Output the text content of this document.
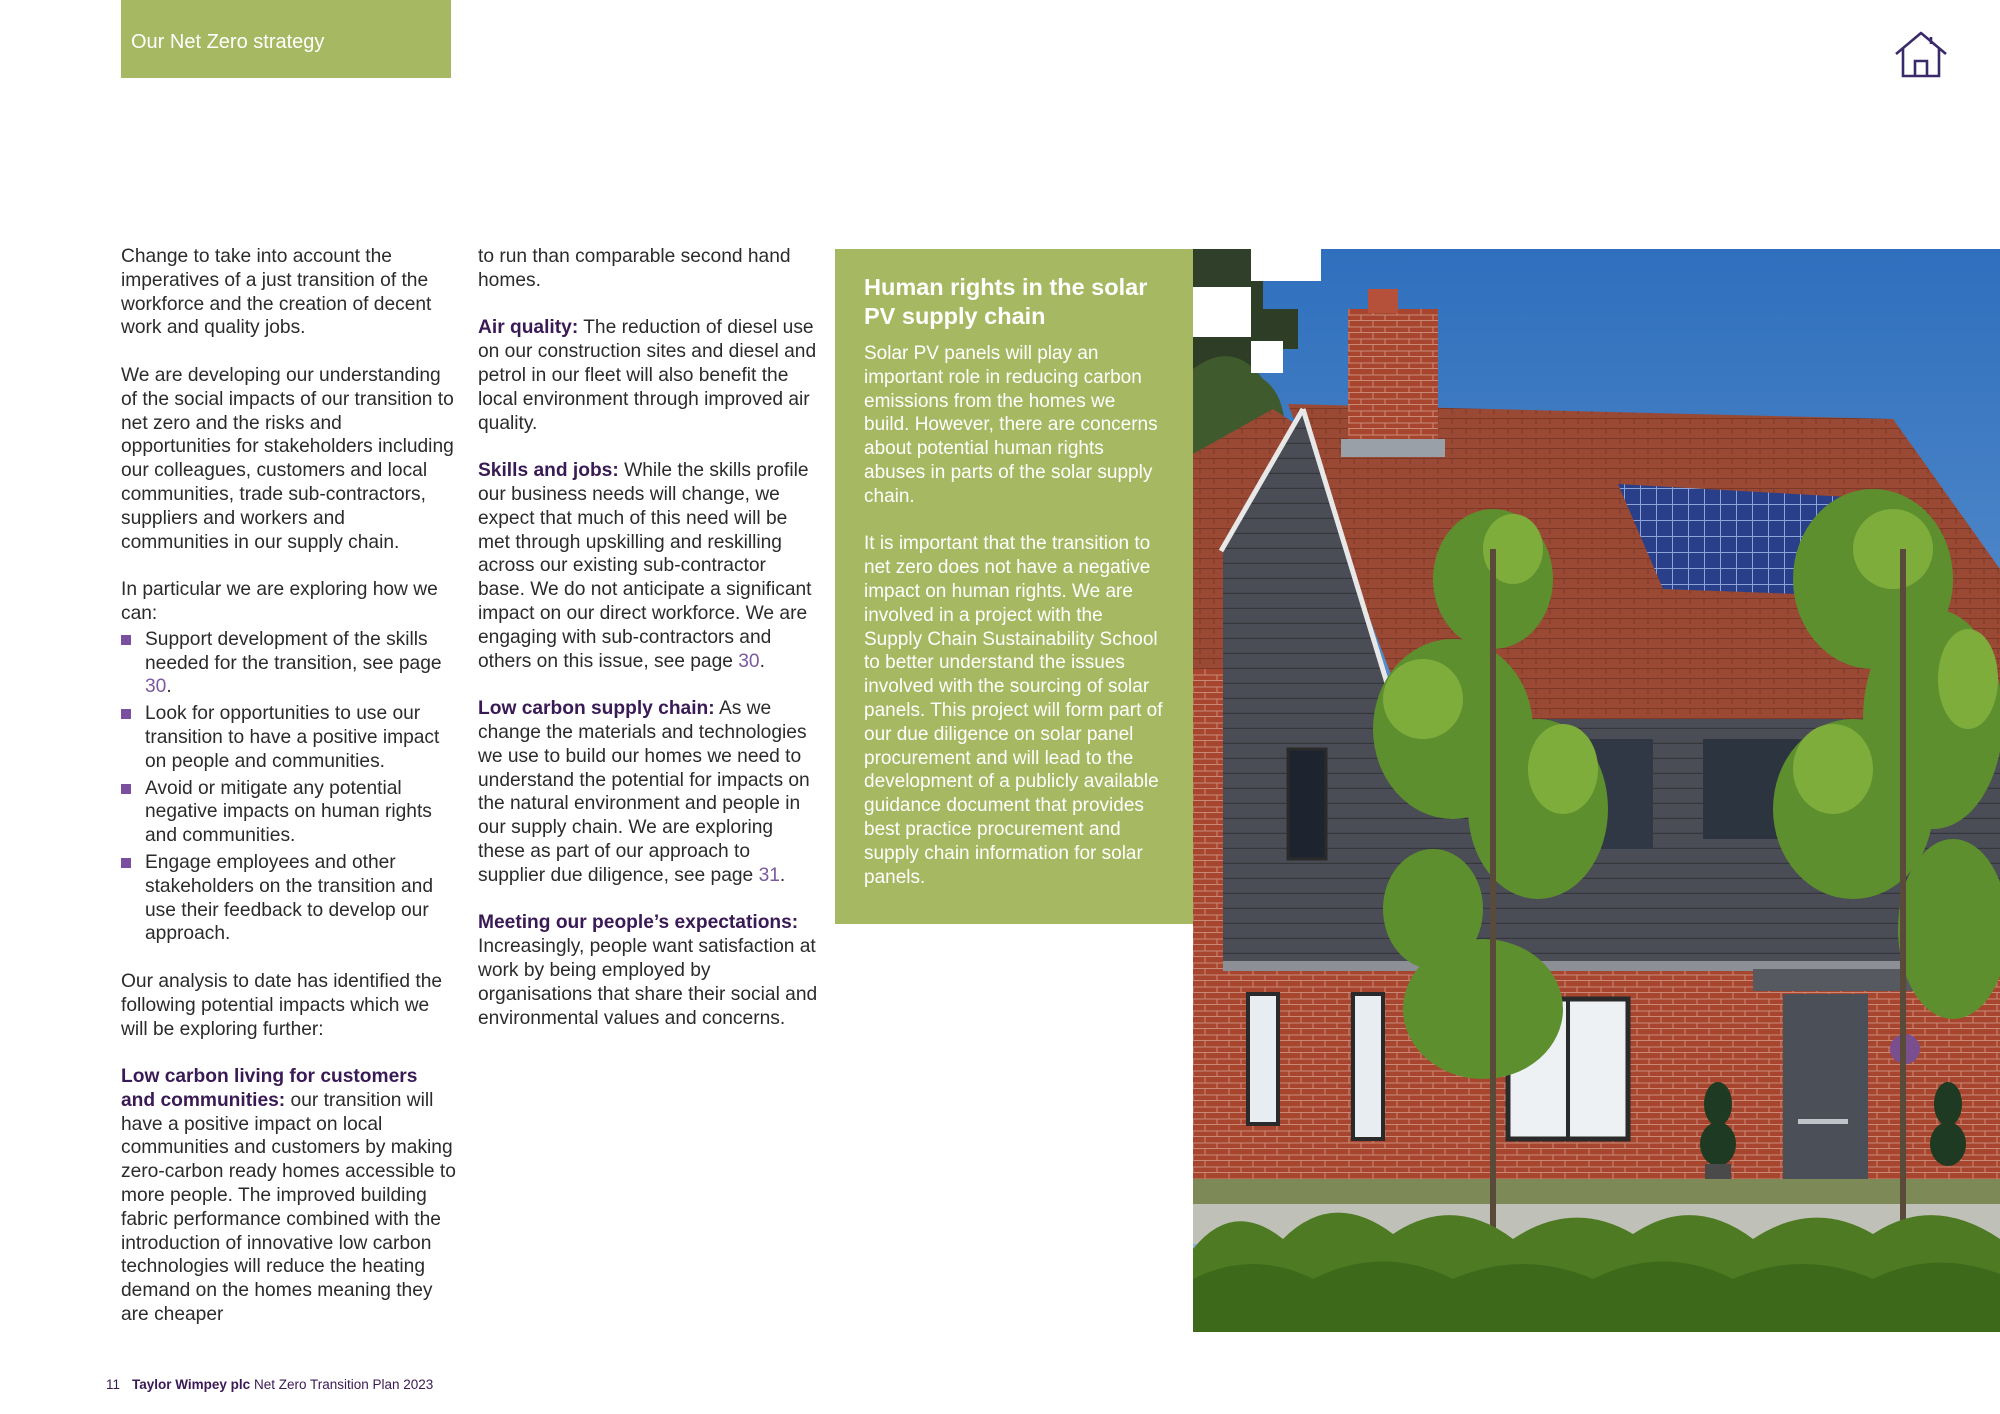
Our Net Zero strategy

Change to take into account the imperatives of a just transition of the workforce and the creation of decent work and quality jobs.

We are developing our understanding of the social impacts of our transition to net zero and the risks and opportunities for stakeholders including our colleagues, customers and local communities, trade sub-contractors, suppliers and workers and communities in our supply chain.

In particular we are exploring how we can:

Support development of the skills needed for the transition, see page 30.
Look for opportunities to use our transition to have a positive impact on people and communities.
Avoid or mitigate any potential negative impacts on human rights and communities.
Engage employees and other stakeholders on the transition and use their feedback to develop our approach.

Our analysis to date has identified the following potential impacts which we will be exploring further:

Low carbon living for customers and communities: our transition will have a positive impact on local communities and customers by making zero-carbon ready homes accessible to more people. The improved building fabric performance combined with the introduction of innovative low carbon technologies will reduce the heating demand on the homes meaning they are cheaper

to run than comparable second hand homes.

Air quality: The reduction of diesel use on our construction sites and diesel and petrol in our fleet will also benefit the local environment through improved air quality.

Skills and jobs: While the skills profile our business needs will change, we expect that much of this need will be met through upskilling and reskilling across our existing sub-contractor base. We do not anticipate a significant impact on our direct workforce. We are engaging with sub-contractors and others on this issue, see page 30.

Low carbon supply chain: As we change the materials and technologies we use to build our homes we need to understand the potential for impacts on the natural environment and people in our supply chain. We are exploring these as part of our approach to supplier due diligence, see page 31.

Meeting our people’s expectations: Increasingly, people want satisfaction at work by being employed by organisations that share their social and environmental values and concerns.

Human rights in the solar PV supply chain

Solar PV panels will play an important role in reducing carbon emissions from the homes we build. However, there are concerns about potential human rights abuses in parts of the solar supply chain.

It is important that the transition to net zero does not have a negative impact on human rights. We are involved in a project with the Supply Chain Sustainability School to better understand the issues involved with the sourcing of solar panels. This project will form part of our due diligence on solar panel procurement and will lead to the development of a publicly available guidance document that provides best practice procurement and supply chain information for solar panels.

11 Taylor Wimpey plc Net Zero Transition Plan 2023
